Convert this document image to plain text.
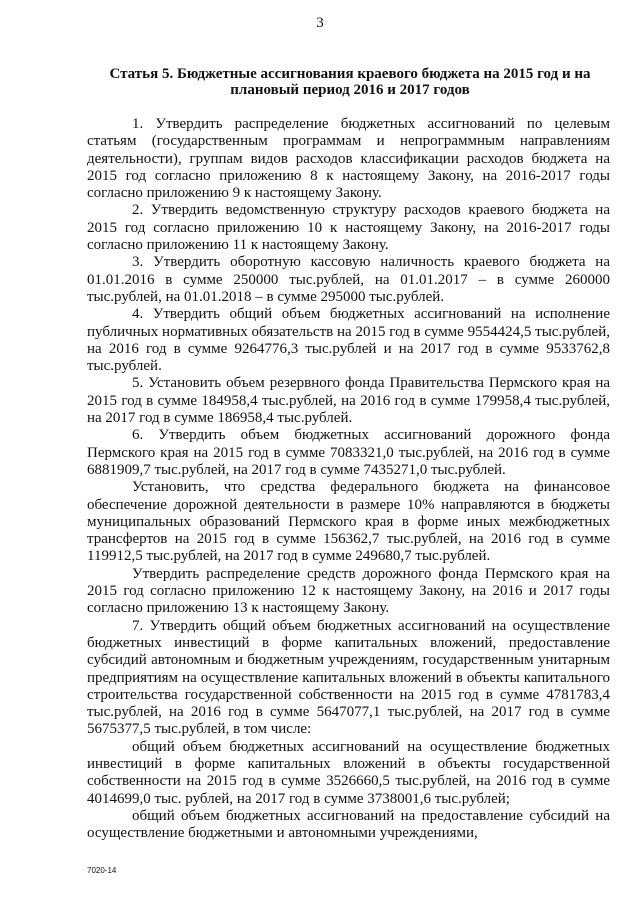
3
Статья 5. Бюджетные ассигнования краевого бюджета на 2015 год и на плановый период 2016 и 2017 годов

1. Утвердить распределение бюджетных ассигнований по целевым статьям (государственным программам и непрограммным направлениям деятельности), группам видов расходов классификации расходов бюджета на 2015 год согласно приложению 8 к настоящему Закону, на 2016-2017 годы согласно приложению 9 к настоящему Закону.

2. Утвердить ведомственную структуру расходов краевого бюджета на 2015 год согласно приложению 10 к настоящему Закону, на 2016-2017 годы согласно приложению 11 к настоящему Закону.

3. Утвердить оборотную кассовую наличность краевого бюджета на 01.01.2016 в сумме 250000 тыс.рублей, на 01.01.2017 – в сумме 260000 тыс.рублей, на 01.01.2018 – в сумме 295000 тыс.рублей.

4. Утвердить общий объем бюджетных ассигнований на исполнение публичных нормативных обязательств на 2015 год в сумме 9554424,5 тыс.рублей, на 2016 год в сумме 9264776,3 тыс.рублей и на 2017 год в сумме 9533762,8 тыс.рублей.

5. Установить объем резервного фонда Правительства Пермского края на 2015 год в сумме 184958,4 тыс.рублей, на 2016 год в сумме 179958,4 тыс.рублей, на 2017 год в сумме 186958,4 тыс.рублей.

6. Утвердить объем бюджетных ассигнований дорожного фонда Пермского края на 2015 год в сумме 7083321,0 тыс.рублей, на 2016 год в сумме 6881909,7 тыс.рублей, на 2017 год в сумме 7435271,0 тыс.рублей.

Установить, что средства федерального бюджета на финансовое обеспечение дорожной деятельности в размере 10% направляются в бюджеты муниципальных образований Пермского края в форме иных межбюджетных трансфертов на 2015 год в сумме 156362,7 тыс.рублей, на 2016 год в сумме 119912,5 тыс.рублей, на 2017 год в сумме 249680,7 тыс.рублей.

Утвердить распределение средств дорожного фонда Пермского края на 2015 год согласно приложению 12 к настоящему Закону, на 2016 и 2017 годы согласно приложению 13 к настоящему Закону.

7. Утвердить общий объем бюджетных ассигнований на осуществление бюджетных инвестиций в форме капитальных вложений, предоставление субсидий автономным и бюджетным учреждениям, государственным унитарным предприятиям на осуществление капитальных вложений в объекты капитального строительства государственной собственности на 2015 год в сумме 4781783,4 тыс.рублей, на 2016 год в сумме 5647077,1 тыс.рублей, на 2017 год в сумме 5675377,5 тыс.рублей, в том числе:

общий объем бюджетных ассигнований на осуществление бюджетных инвестиций в форме капитальных вложений в объекты государственной собственности на 2015 год в сумме 3526660,5 тыс.рублей, на 2016 год в сумме 4014699,0 тыс. рублей, на 2017 год в сумме 3738001,6 тыс.рублей;

общий объем бюджетных ассигнований на предоставление субсидий на осуществление бюджетными и автономными учреждениями,

7020-14
